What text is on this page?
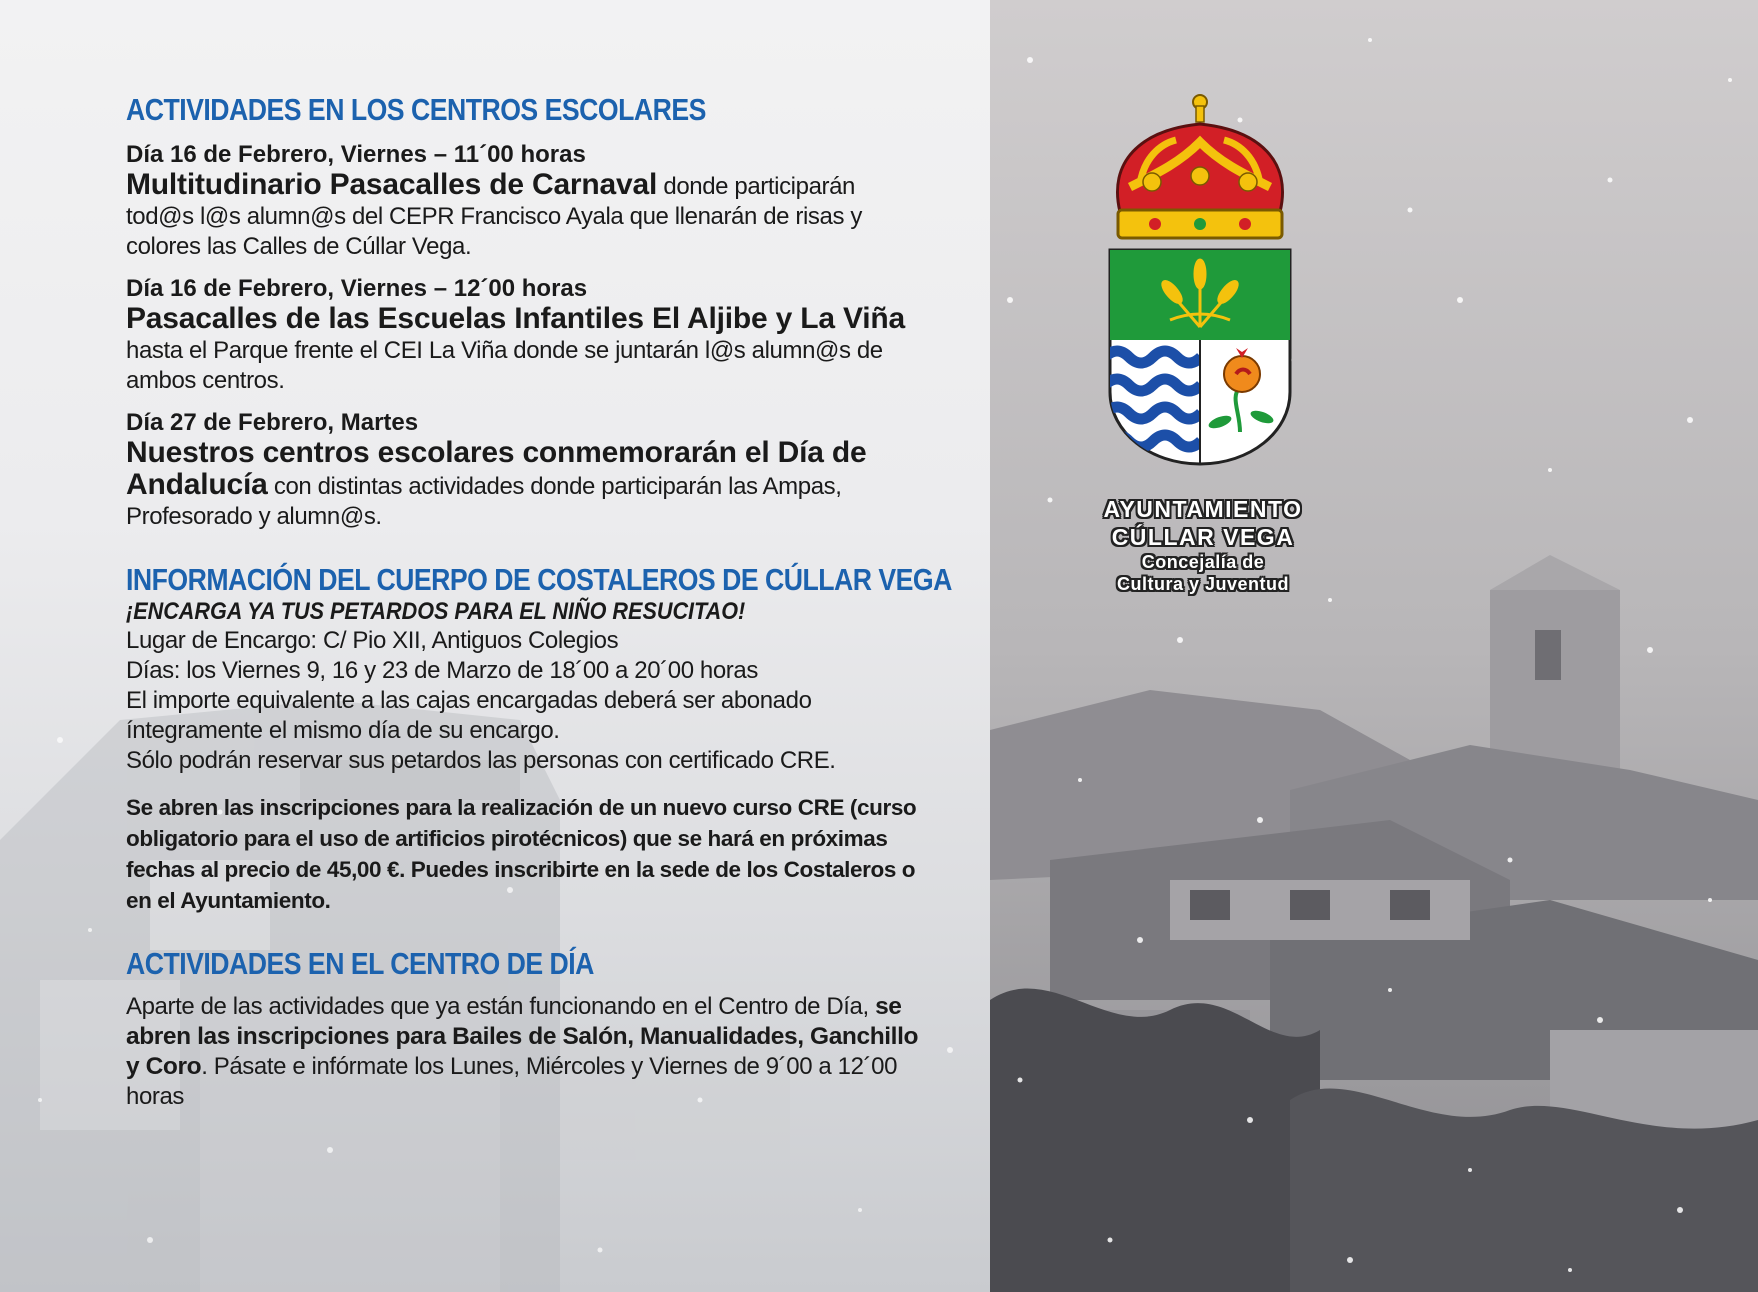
ACTIVIDADES EN LOS CENTROS ESCOLARES

Día 16 de Febrero, Viernes – 11´00 horas

Multitudinario Pasacalles de Carnaval donde participarán tod@s l@s alumn@s del CEPR Francisco Ayala que llenarán de risas y colores las Calles de Cúllar Vega.

Día 16 de Febrero, Viernes – 12´00 horas

Pasacalles de las Escuelas Infantiles El Aljibe y La Viña hasta el Parque frente el CEI La Viña donde se juntarán l@s alumn@s de ambos centros.

Día 27 de Febrero, Martes

Nuestros centros escolares conmemorarán el Día de Andalucía con distintas actividades donde participarán las Ampas, Profesorado y alumn@s.

INFORMACIÓN DEL CUERPO DE COSTALEROS DE CÚLLAR VEGA

¡ENCARGA YA TUS PETARDOS PARA EL NIÑO RESUCITAO!

Lugar de Encargo: C/ Pio XII, Antiguos Colegios

Días: los Viernes 9, 16 y 23 de Marzo de 18´00 a 20´00 horas

El importe equivalente a las cajas encargadas deberá ser abonado íntegramente el mismo día de su encargo.

Sólo podrán reservar sus petardos las personas con certificado CRE.

Se abren las inscripciones para la realización de un nuevo curso CRE (curso obligatorio para el uso de artificios pirotécnicos) que se hará en próximas fechas al precio de 45,00 €. Puedes inscribirte en la sede de los Costaleros o en el Ayuntamiento.

ACTIVIDADES EN EL CENTRO DE DÍA

Aparte de las actividades que ya están funcionando en el Centro de Día, se abren las inscripciones para Bailes de Salón, Manualidades, Ganchillo y Coro. Pásate e infórmate los Lunes, Miércoles y Viernes de 9´00 a 12´00 horas

AYUNTAMIENTO
CÚLLAR VEGA
Concejalía de
Cultura y Juventud
